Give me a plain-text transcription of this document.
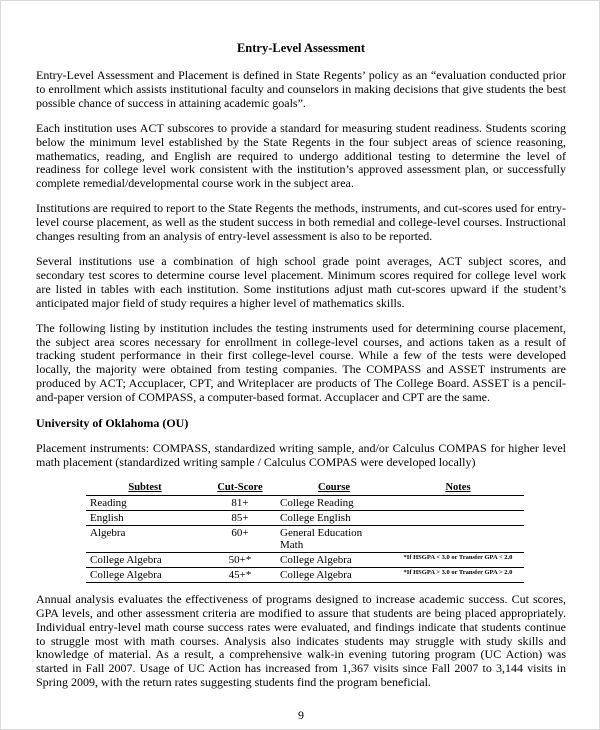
Entry-Level Assessment

Entry-Level Assessment and Placement is defined in State Regents’ policy as an “evaluation conducted prior to enrollment which assists institutional faculty and counselors in making decisions that give students the best possible chance of success in attaining academic goals”.

Each institution uses ACT subscores to provide a standard for measuring student readiness. Students scoring below the minimum level established by the State Regents in the four subject areas of science reasoning, mathematics, reading, and English are required to undergo additional testing to determine the level of readiness for college level work consistent with the institution’s approved assessment plan, or successfully complete remedial/developmental course work in the subject area.

Institutions are required to report to the State Regents the methods, instruments, and cut-scores used for entry-level course placement, as well as the student success in both remedial and college-level courses. Instructional changes resulting from an analysis of entry-level assessment is also to be reported.

Several institutions use a combination of high school grade point averages, ACT subject scores, and secondary test scores to determine course level placement. Minimum scores required for college level work are listed in tables with each institution. Some institutions adjust math cut-scores upward if the student’s anticipated major field of study requires a higher level of mathematics skills.

The following listing by institution includes the testing instruments used for determining course placement, the subject area scores necessary for enrollment in college-level courses, and actions taken as a result of tracking student performance in their first college-level course. While a few of the tests were developed locally, the majority were obtained from testing companies. The COMPASS and ASSET instruments are produced by ACT; Accuplacer, CPT, and Writeplacer are products of The College Board. ASSET is a pencil-and-paper version of COMPASS, a computer-based format. Accuplacer and CPT are the same.

University of Oklahoma (OU)

Placement instruments: COMPASS, standardized writing sample, and/or Calculus COMPAS for higher level math placement (standardized writing sample / Calculus COMPAS were developed locally)

Subtest	Cut-Score	Course	Notes
Reading	81+	College Reading	
English	85+	College English	
Algebra	60+	General Education Math	
College Algebra	50+*	College Algebra	*If HSGPA < 3.0 or Transfer GPA < 2.0
College Algebra	45+*	College Algebra	*If HSGPA > 3.0 or Transfer GPA > 2.0

Annual analysis evaluates the effectiveness of programs designed to increase academic success. Cut scores, GPA levels, and other assessment criteria are modified to assure that students are being placed appropriately. Individual entry-level math course success rates were evaluated, and findings indicate that students continue to struggle most with math courses. Analysis also indicates students may struggle with study skills and knowledge of material. As a result, a comprehensive walk-in evening tutoring program (UC Action) was started in Fall 2007. Usage of UC Action has increased from 1,367 visits since Fall 2007 to 3,144 visits in Spring 2009, with the return rates suggesting students find the program beneficial.

9
